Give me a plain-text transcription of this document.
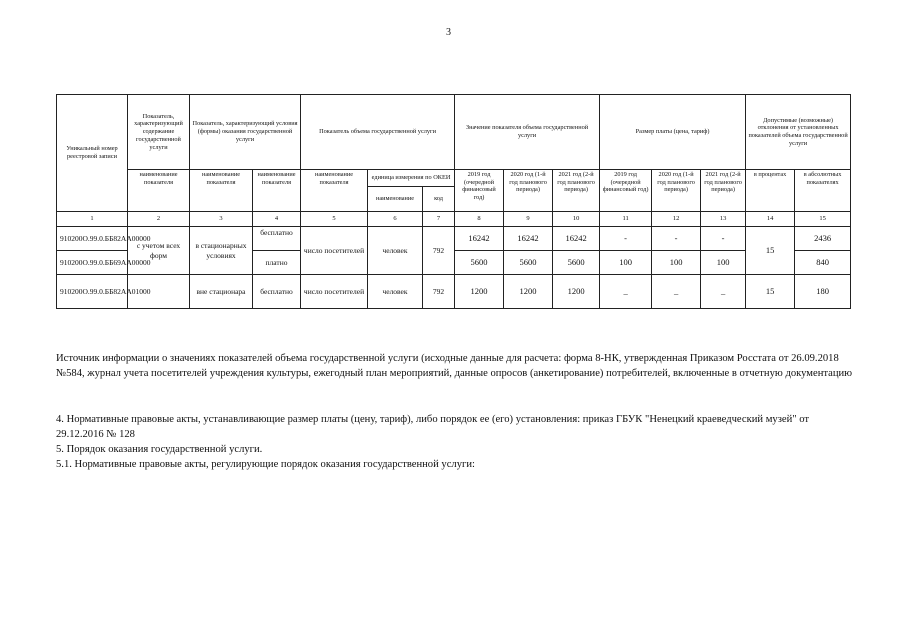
3
Уникальный номер реестровой записи	Показатель, характеризующий содержание государственной услуги	Показатель, характеризующий условия (формы) оказания государственной услуги		Показатель объема государственной услуги			Значение показателя объема государственной услуги			Размер платы (цена, тариф)			Допустимые (возможные) отклонения от установленных показателей объема государственной услуги	
	наименование показателя	наименование показателя	наименование показателя	наименование показателя	единица измерения по ОКЕИ		2019 год (очередной финансовый год)	2020 год (1-й год планового периода)	2021 год (2-й год планового периода)	2019 год (очередной финансовый год)	2020 год (1-й год планового периода)	2021 год (2-й год планового периода)	в процентах	в абсолютных показателях
					наименование	код								
1	2	3	4	5	6	7	8	9	10	11	12	13	14	15
910200О.99.0.ББ82АА00000	с учетом всех форм	в стационарных условиях	бесплатно	число посетителей	человек	792	16242	16242	16242	-	-	-	15	2436
910200О.99.0.ББ69АА00000			платно				5600	5600	5600	100	100	100		840
910200О.99.0.ББ82АА01000		вне стационара	бесплатно	число посетителей	человек	792	1200	1200	1200	_	_	_	15	180

Источник информации о значениях показателей объема государственной услуги (исходные данные для расчета: форма 8-НК, утвержденная Приказом Росстата от 26.09.2018 №584, журнал учета посетителей учреждения культуры, ежегодный план мероприятий, данные опросов (анкетирование) потребителей, включенные в отчетную документацию

4. Нормативные правовые акты, устанавливающие размер платы (цену, тариф), либо порядок ее (его) установления: приказ ГБУК "Ненецкий краеведческий музей" от 29.12.2016 № 128

5. Порядок оказания государственной услуги.

5.1. Нормативные правовые акты, регулирующие порядок оказания государственной услуги:
